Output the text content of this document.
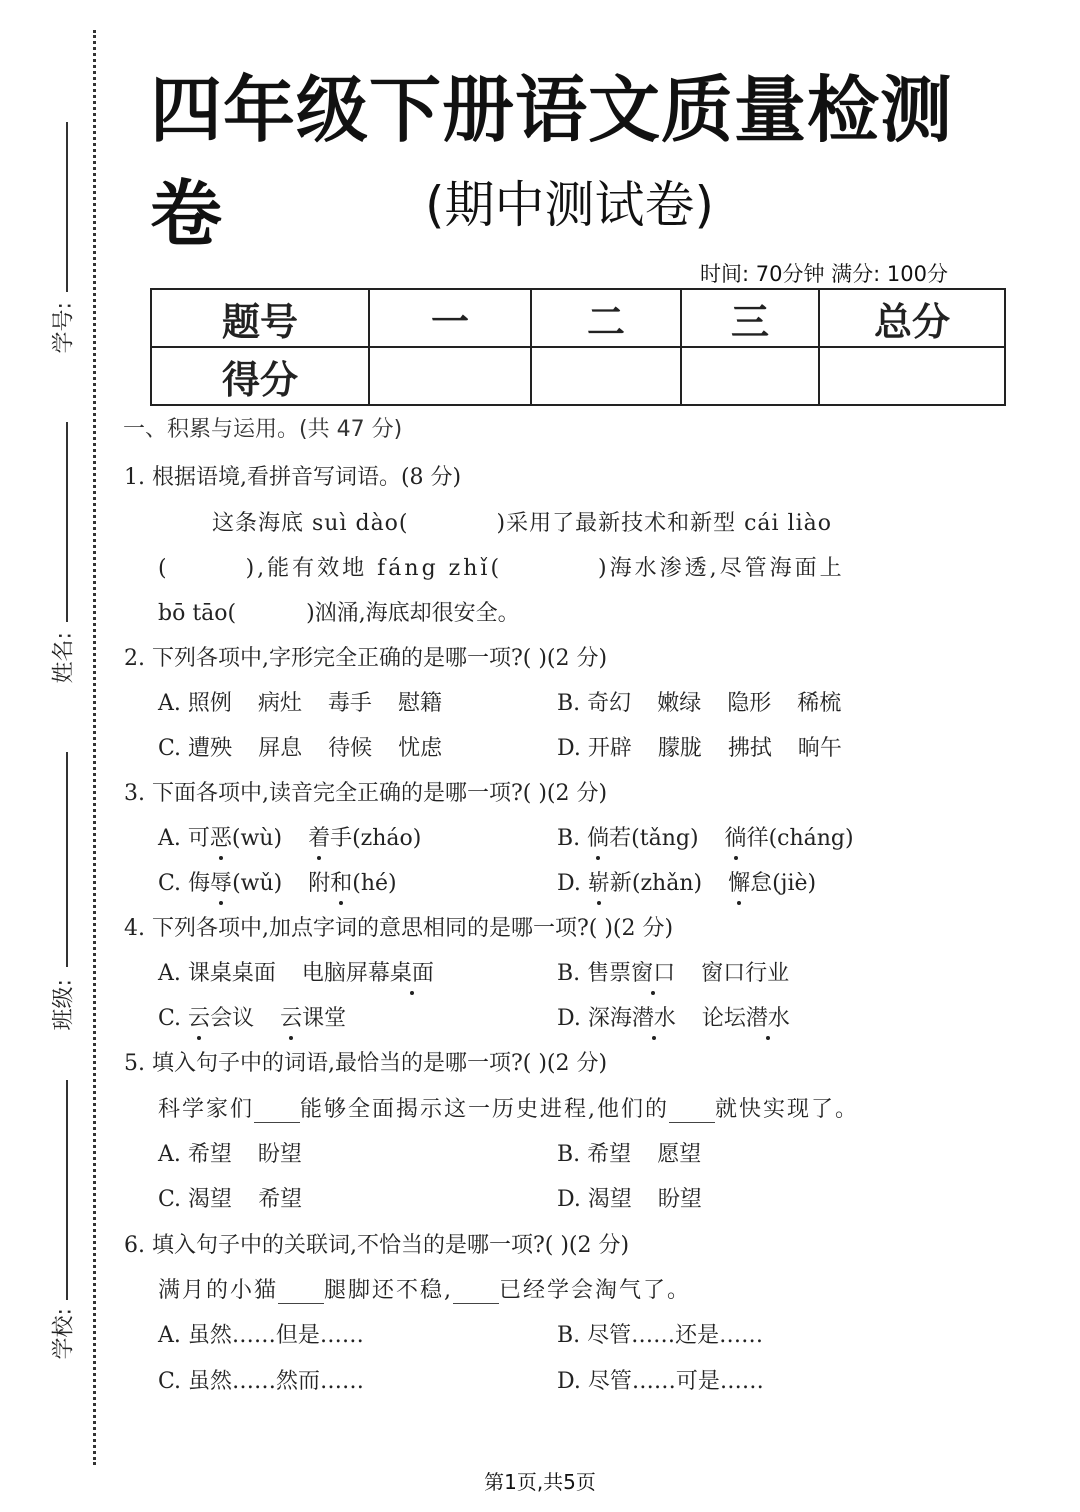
学号:
姓名:
班级:
学校:
四年级下册语文质量检测卷	(期中测试卷)
时间: 70分钟 满分: 100分
题号	一	二	三	总分
得分				
一、积累与运用。(共 47 分)
1. 根据语境,看拼音写词语。(8 分)
这条海底 suì dào(	)采用了最新技术和新型 cái liào
(	),能有效地 fáng zhǐ(	)海水渗透,尽管海面上
bō tāo(	)汹涌,海底却很安全。
2. 下列各项中,字形完全正确的是哪一项?( )(2 分)
A. 照例 病灶 毒手 慰籍	B. 奇幻 嫩绿 隐形 稀梳
C. 遭殃 屏息 待候 忧虑	D. 开辟 朦胧 拂拭 晌午
3. 下面各项中,读音完全正确的是哪一项?( )(2 分)
A. 可恶(wù) 着手(zháo)	B. 倘若(tǎng) 徜徉(cháng)
C. 侮辱(wǔ) 附和(hé)	D. 崭新(zhǎn) 懈怠(jiè)
4. 下列各项中,加点字词的意思相同的是哪一项?( )(2 分)
A. 课桌桌面 电脑屏幕桌面	B. 售票窗口 窗口行业
C. 云会议 云课堂	D. 深海潜水 论坛潜水
5. 填入句子中的词语,最恰当的是哪一项?( )(2 分)
科学家们 能够全面揭示这一历史进程,他们的 就快实现了。
A. 希望 盼望	B. 希望 愿望
C. 渴望 希望	D. 渴望 盼望
6. 填入句子中的关联词,不恰当的是哪一项?( )(2 分)
满月的小猫 腿脚还不稳, 已经学会淘气了。
A. 虽然……但是……	B. 尽管……还是……
C. 虽然……然而……	D. 尽管……可是……
第1页,共5页
